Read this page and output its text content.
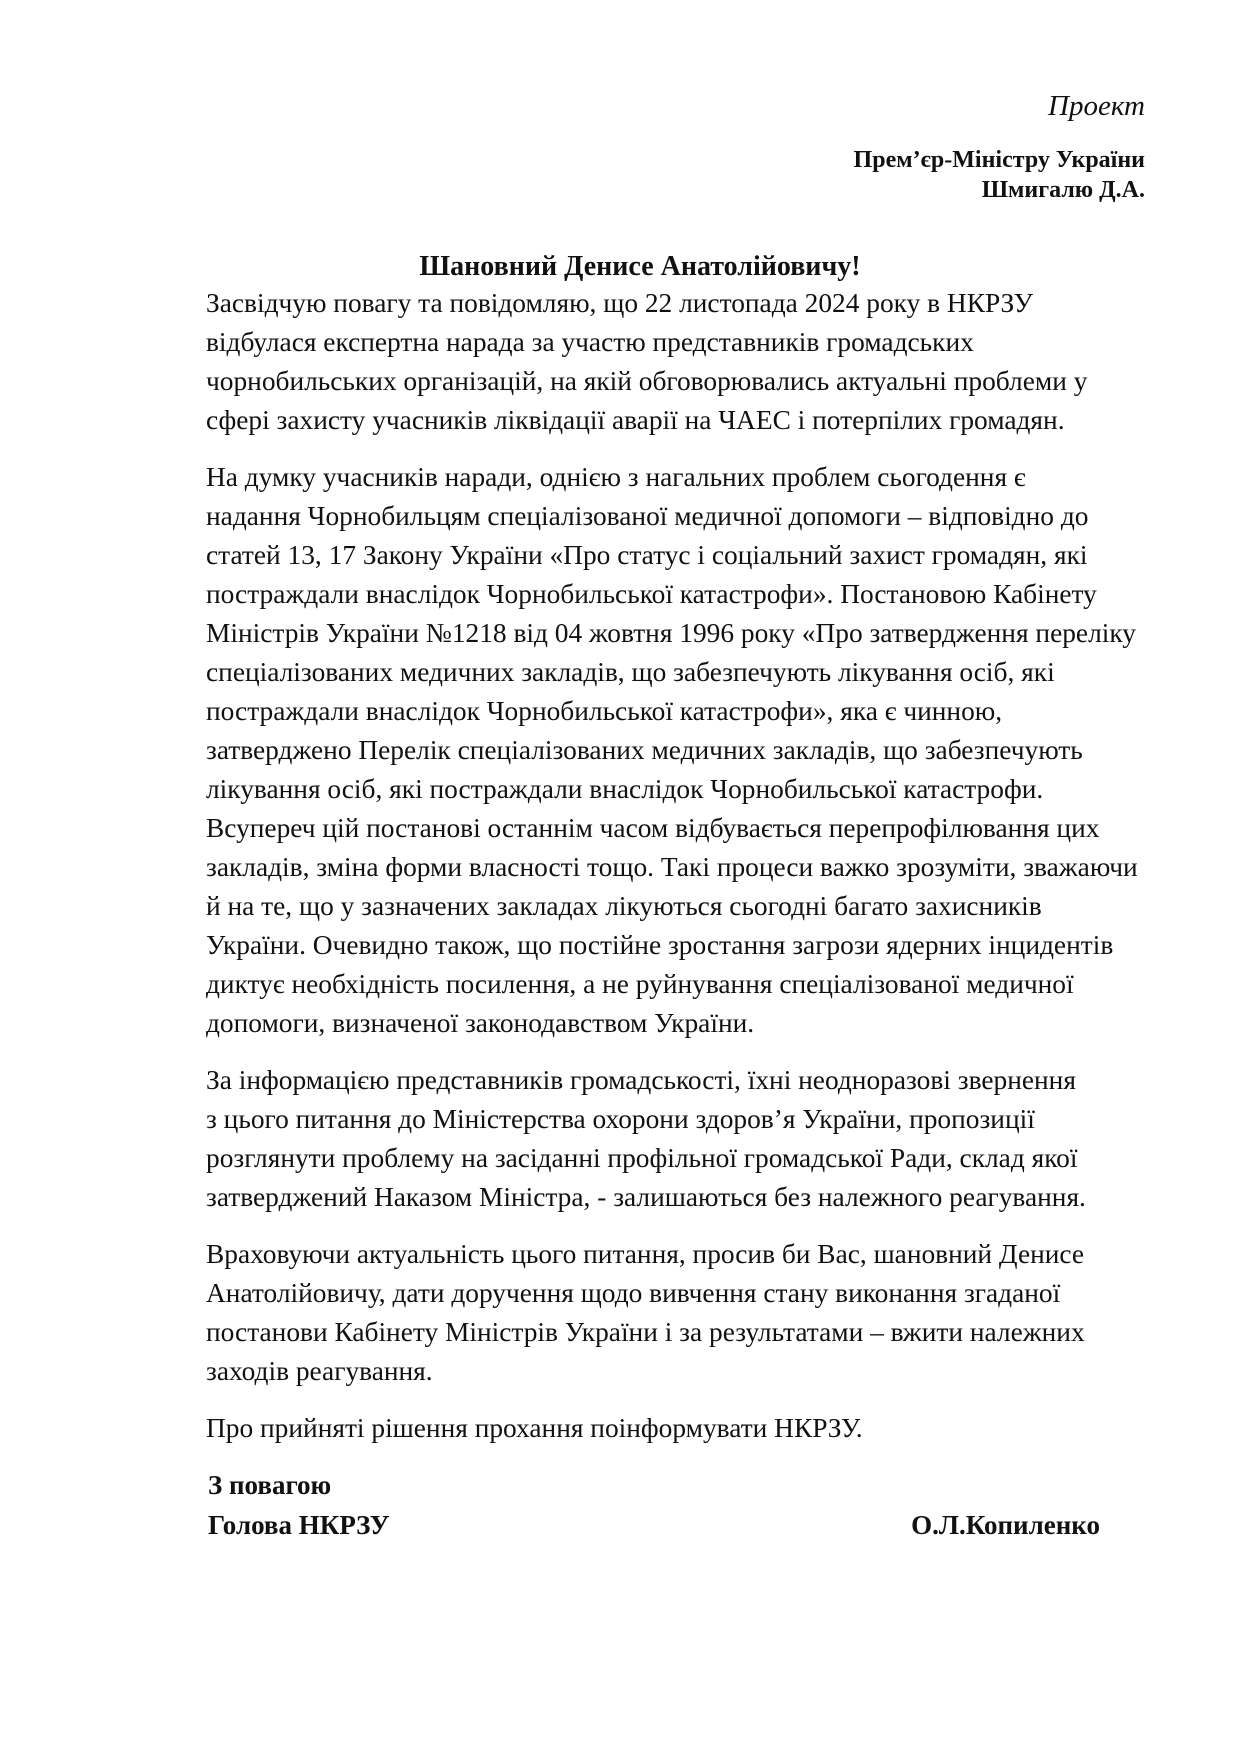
Проект
Прем’єр-Міністру України
Шмигалю Д.А.
Шановний Денисе Анатолійовичу!

Засвідчую повагу та повідомляю, що 22 листопада 2024 року в НКРЗУ
відбулася експертна нарада за участю представників громадських
чорнобильських організацій, на якій обговорювались актуальні проблеми у
сфері захисту учасників ліквідації аварії на ЧАЕС і потерпілих громадян.

На думку учасників наради, однією з нагальних проблем сьогодення є
надання Чорнобильцям спеціалізованої медичної допомоги – відповідно до
статей 13, 17 Закону України «Про статус і соціальний захист громадян, які
постраждали внаслідок Чорнобильської катастрофи». Постановою Кабінету
Міністрів України №1218 від 04 жовтня 1996 року «Про затвердження переліку
спеціалізованих медичних закладів, що забезпечують лікування осіб, які
постраждали внаслідок Чорнобильської катастрофи», яка є чинною,
затверджено Перелік спеціалізованих медичних закладів, що забезпечують
лікування осіб, які постраждали внаслідок Чорнобильської катастрофи.
Всупереч цій постанові останнім часом відбувається перепрофілювання цих
закладів, зміна форми власності тощо. Такі процеси важко зрозуміти, зважаючи
й на те, що у зазначених закладах лікуються сьогодні багато захисників
України. Очевидно також, що постійне зростання загрози ядерних інцидентів
диктує необхідність посилення, а не руйнування спеціалізованої медичної
допомоги, визначеної законодавством України.

За інформацією представників громадськості, їхні неодноразові звернення
з цього питання до Міністерства охорони здоров’я України, пропозиції
розглянути проблему на засіданні профільної громадської Ради, склад якої
затверджений Наказом Міністра, - залишаються без належного реагування.

Враховуючи актуальність цього питання, просив би Вас, шановний Денисе
Анатолійовичу, дати доручення щодо вивчення стану виконання згаданої
постанови Кабінету Міністрів України і за результатами – вжити належних
заходів реагування.

Про прийняті рішення прохання поінформувати НКРЗУ.

З повагою
Голова НКРЗУ	О.Л.Копиленко
